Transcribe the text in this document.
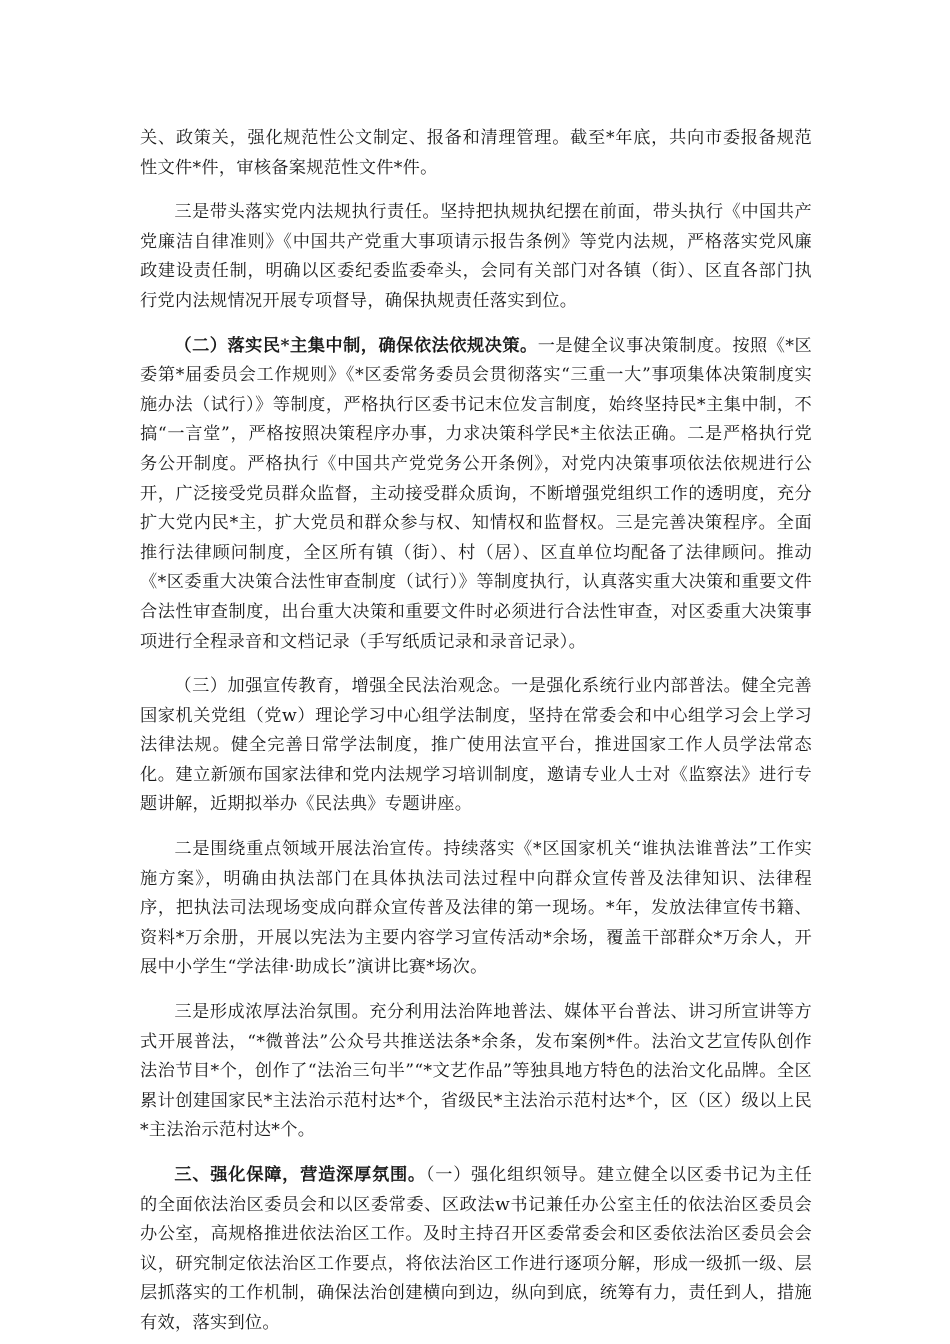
关、政策关，强化规范性公文制定、报备和清理管理。截至*年底，共向市委报备规范性文件*件，审核备案规范性文件*件。

三是带头落实党内法规执行责任。坚持把执规执纪摆在前面，带头执行《中国共产党廉洁自律准则》《中国共产党重大事项请示报告条例》等党内法规，严格落实党风廉政建设责任制，明确以区委纪委监委牵头，会同有关部门对各镇（街）、区直各部门执行党内法规情况开展专项督导，确保执规责任落实到位。

（二）落实民*主集中制，确保依法依规决策。一是健全议事决策制度。按照《*区委第*届委员会工作规则》《*区委常务委员会贯彻落实“三重一大”事项集体决策制度实施办法（试行）》等制度，严格执行区委书记末位发言制度，始终坚持民*主集中制，不搞“一言堂”，严格按照决策程序办事，力求决策科学民*主依法正确。二是严格执行党务公开制度。严格执行《中国共产党党务公开条例》，对党内决策事项依法依规进行公开，广泛接受党员群众监督，主动接受群众质询，不断增强党组织工作的透明度，充分扩大党内民*主，扩大党员和群众参与权、知情权和监督权。三是完善决策程序。全面推行法律顾问制度，全区所有镇（街）、村（居）、区直单位均配备了法律顾问。推动《*区委重大决策合法性审查制度（试行）》等制度执行，认真落实重大决策和重要文件合法性审查制度，出台重大决策和重要文件时必须进行合法性审查，对区委重大决策事项进行全程录音和文档记录（手写纸质记录和录音记录）。

（三）加强宣传教育，增强全民法治观念。一是强化系统行业内部普法。健全完善国家机关党组（党w）理论学习中心组学法制度，坚持在常委会和中心组学习会上学习法律法规。健全完善日常学法制度，推广使用法宣平台，推进国家工作人员学法常态化。建立新颁布国家法律和党内法规学习培训制度，邀请专业人士对《监察法》进行专题讲解，近期拟举办《民法典》专题讲座。

二是围绕重点领域开展法治宣传。持续落实《*区国家机关“谁执法谁普法”工作实施方案》，明确由执法部门在具体执法司法过程中向群众宣传普及法律知识、法律程序，把执法司法现场变成向群众宣传普及法律的第一现场。*年，发放法律宣传书籍、资料*万余册，开展以宪法为主要内容学习宣传活动*余场，覆盖干部群众*万余人，开展中小学生“学法律·助成长”演讲比赛*场次。

三是形成浓厚法治氛围。充分利用法治阵地普法、媒体平台普法、讲习所宣讲等方式开展普法，“*微普法”公众号共推送法条*余条，发布案例*件。法治文艺宣传队创作法治节目*个，创作了“法治三句半”“*文艺作品”等独具地方特色的法治文化品牌。全区累计创建国家民*主法治示范村达*个，省级民*主法治示范村达*个，区（区）级以上民*主法治示范村达*个。

三、强化保障，营造深厚氛围。（一）强化组织领导。建立健全以区委书记为主任的全面依法治区委员会和以区委常委、区政法w书记兼任办公室主任的依法治区委员会办公室，高规格推进依法治区工作。及时主持召开区委常委会和区委依法治区委员会会议，研究制定依法治区工作要点，将依法治区工作进行逐项分解，形成一级抓一级、层层抓落实的工作机制，确保法治创建横向到边，纵向到底，统筹有力，责任到人，措施有效，落实到位。
